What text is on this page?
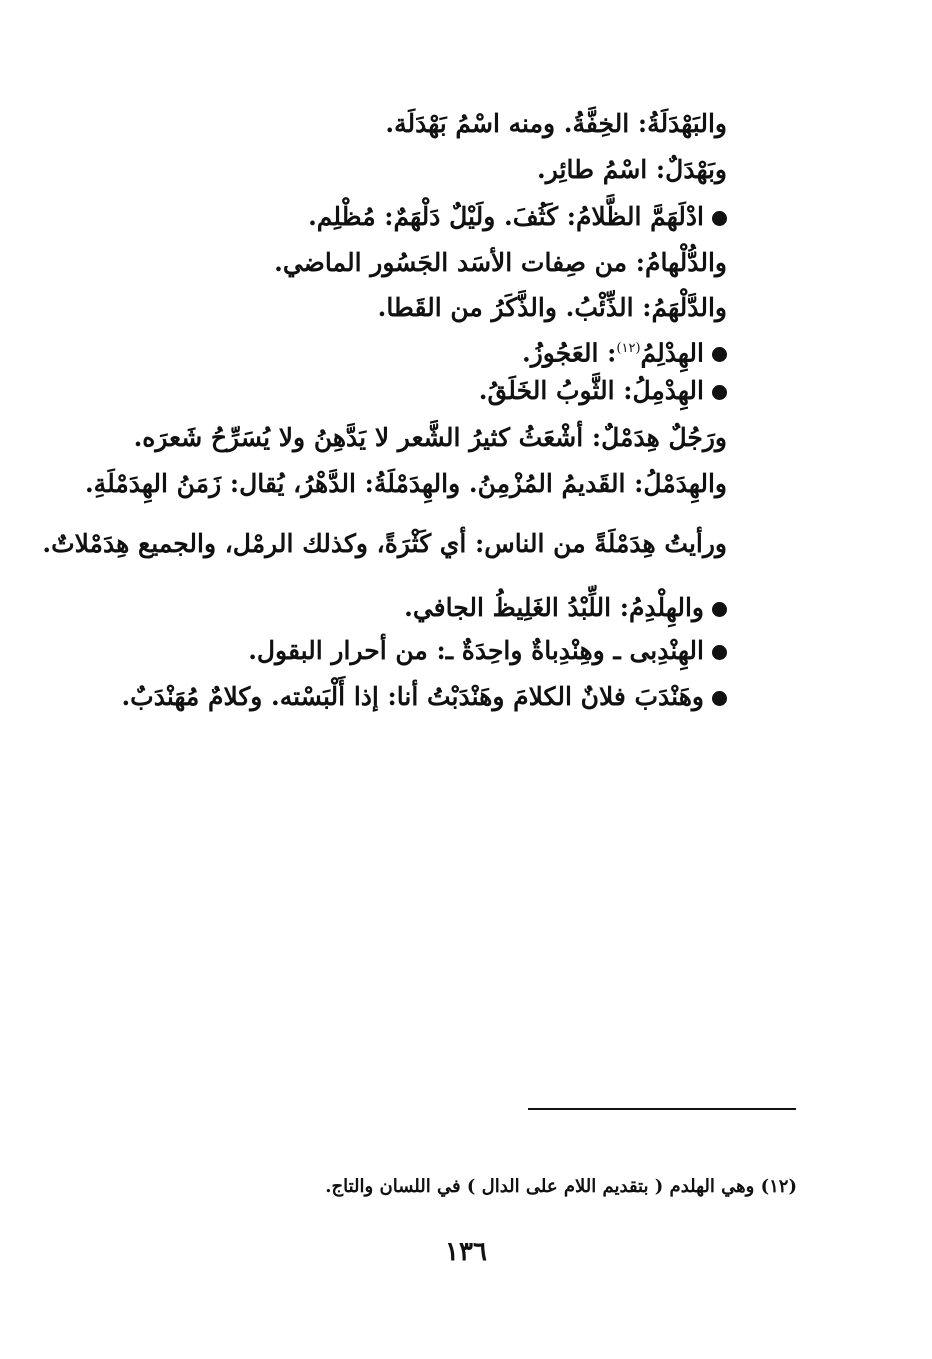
والبَهْدَلَةُ: الخِفَّةُ. ومنه اسْمُ بَهْدَلَة.
وبَهْدَلٌ: اسْمُ طائِر.
ادْلَهَمَّ الظَّلامُ: كَثُفَ. ولَيْلٌ دَلْهَمٌ: مُظْلِم.
والدُّلْهامُ: من صِفات الأسَد الجَسُور الماضي.
والدَّلْهَمُ: الذِّئْبُ. والذَّكَرُ من القَطا.
الهِدْلِمُ$^{(١٢)}$: العَجُوزُ.
الهِدْمِلُ: الثَّوبُ الخَلَقُ.
ورَجُلٌ هِدَمْلٌ: أشْعَثُ كثيرُ الشَّعر لا يَدَّهِنُ ولا يُسَرِّحُ شَعرَه.
والهِدَمْلُ: القَديمُ المُزْمِنُ. والهِدَمْلَةُ: الدَّهْرُ، يُقال: زَمَنُ الهِدَمْلَةِ.
ورأيتُ هِدَمْلَةً من الناس: أي كَثْرَةً، وكذلك الرمْل، والجميع هِدَمْلاتٌ.
والهِلْدِمُ: اللِّبْدُ الغَلِيظُ الجافي.
الهِنْدِبى ـ وهِنْدِباةٌ واحِدَةٌ ـ: من أحرار البقول.
وهَنْدَبَ فلانٌ الكلامَ وهَنْدَبْتُ أنا: إذا أَلْبَسْته. وكلامٌ مُهَنْدَبٌ.
(١٢) وهي الهلدم ( بتقديم اللام على الدال ) في اللسان والتاج.
١٣٦
